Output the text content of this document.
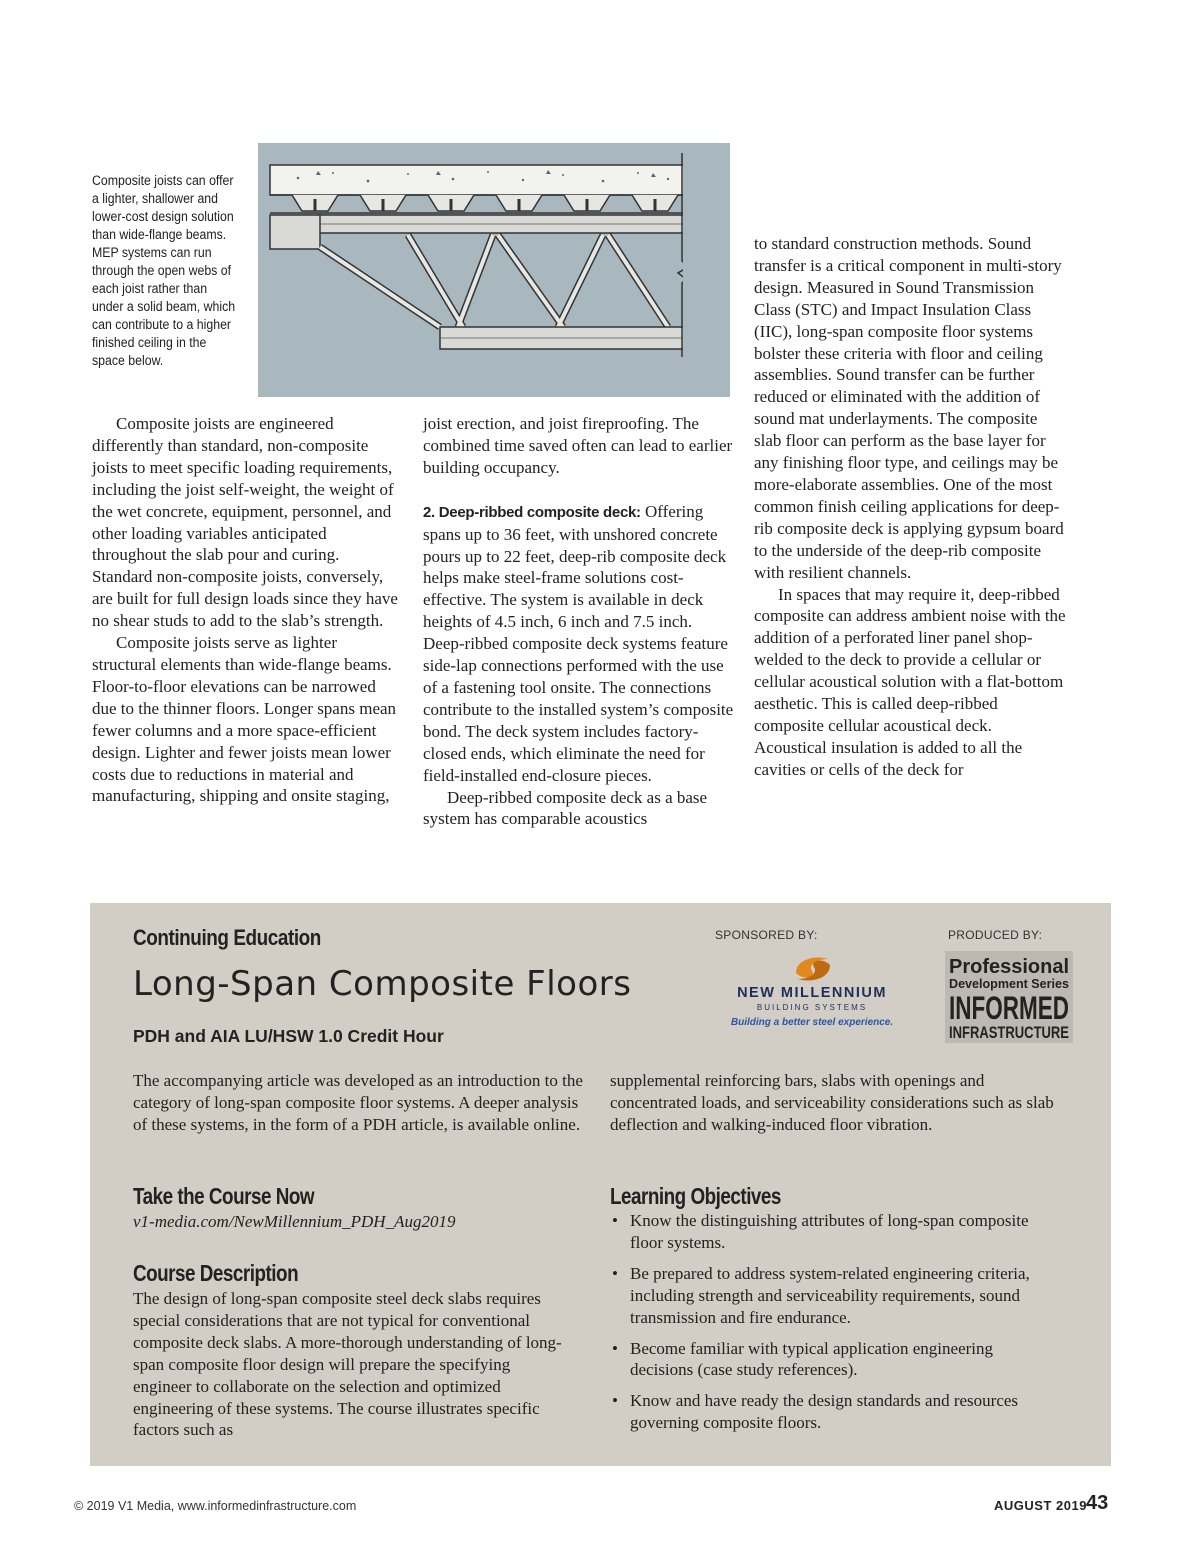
Composite joists can offer a lighter, shallower and lower-cost design solution than wide-flange beams. MEP systems can run through the open webs of each joist rather than under a solid beam, which can contribute to a higher finished ceiling in the space below.

Composite joists are engineered differently than standard, non-composite joists to meet specific loading requirements, including the joist self-weight, the weight of the wet concrete, equipment, personnel, and other loading variables anticipated throughout the slab pour and curing. Standard non-composite joists, conversely, are built for full design loads since they have no shear studs to add to the slab’s strength.

Composite joists serve as lighter structural elements than wide-flange beams. Floor-to-floor elevations can be narrowed due to the thinner floors. Longer spans mean fewer columns and a more space-efficient design. Lighter and fewer joists mean lower costs due to reductions in material and manufacturing, shipping and onsite staging,

joist erection, and joist fireproofing. The combined time saved often can lead to earlier building occupancy.

2. Deep-ribbed composite deck: Offering spans up to 36 feet, with unshored concrete pours up to 22 feet, deep-rib composite deck helps make steel-frame solutions cost-effective. The system is available in deck heights of 4.5 inch, 6 inch and 7.5 inch. Deep-ribbed composite deck systems feature side-lap connections performed with the use of a fastening tool onsite. The connections contribute to the installed system’s composite bond. The deck system includes factory-closed ends, which eliminate the need for field-installed end-closure pieces.

Deep-ribbed composite deck as a base system has comparable acoustics

to standard construction methods. Sound transfer is a critical component in multi-story design. Measured in Sound Transmission Class (STC) and Impact Insulation Class (IIC), long-span composite floor systems bolster these criteria with floor and ceiling assemblies. Sound transfer can be further reduced or eliminated with the addition of sound mat underlayments. The composite slab floor can perform as the base layer for any finishing floor type, and ceilings may be more-elaborate assemblies. One of the most common finish ceiling applications for deep-rib composite deck is applying gypsum board to the underside of the deep-rib composite with resilient channels.

In spaces that may require it, deep-ribbed composite can address ambient noise with the addition of a perforated liner panel shop-welded to the deck to provide a cellular or cellular acoustical solution with a flat-bottom aesthetic. This is called deep-ribbed composite cellular acoustical deck. Acoustical insulation is added to all the cavities or cells of the deck for

Continuing Education
Long-Span Composite Floors
PDH and AIA LU/HSW 1.0 Credit Hour
SPONSORED BY:	PRODUCED BY:
NEW MILLENNIUM
BUILDING SYSTEMS
Building a better steel experience.
Professional
Development Series
INFORMED
INFRASTRUCTURE
The accompanying article was developed as an introduction to the category of long-span composite floor systems. A deeper analysis of these systems, in the form of a PDH article, is available online.
supplemental reinforcing bars, slabs with openings and concentrated loads, and serviceability considerations such as slab deflection and walking-induced floor vibration.
Take the Course Now
v1-media.com/NewMillennium_PDH_Aug2019
Course Description
The design of long-span composite steel deck slabs requires special considerations that are not typical for conventional composite deck slabs. A more-thorough understanding of long-span composite floor design will prepare the specifying engineer to collaborate on the selection and optimized engineering of these systems. The course illustrates specific factors such as
Learning Objectives
• Know the distinguishing attributes of long-span composite floor systems.
• Be prepared to address system-related engineering criteria, including strength and serviceability requirements, sound transmission and fire endurance.
• Become familiar with typical application engineering decisions (case study references).
• Know and have ready the design standards and resources governing composite floors.
© 2019 V1 Media, www.informedinfrastructure.com	AUGUST 2019 43
